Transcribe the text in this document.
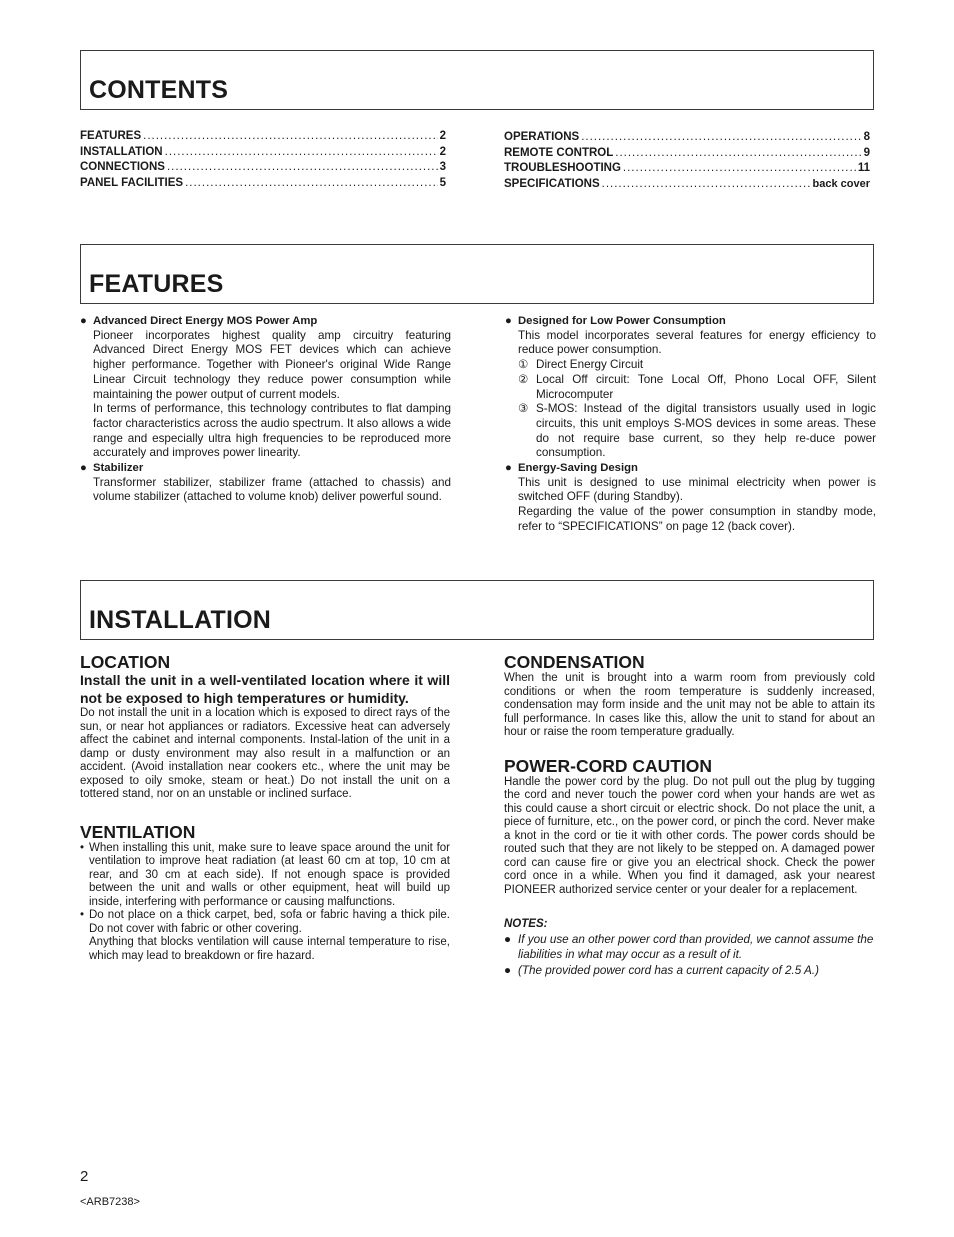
CONTENTS
FEATURES .....	2
INSTALLATION .....	2
CONNECTIONS .....	3
PANEL FACILITIES .....	5
OPERATIONS .....	8
REMOTE CONTROL .....	9
TROUBLESHOOTING .....	11
SPECIFICATIONS .....	back cover
FEATURES
● Advanced Direct Energy MOS Power Amp
Pioneer incorporates highest quality amp circuitry featuring Advanced Direct Energy MOS FET devices which can achieve higher performance. Together with Pioneer's original Wide Range Linear Circuit technology they reduce power consumption while maintaining the power output of current models.
In terms of performance, this technology contributes to flat damping factor characteristics across the audio spectrum. It also allows a wide range and especially ultra high frequencies to be reproduced more accurately and improves power linearity.
● Stabilizer
Transformer stabilizer, stabilizer frame (attached to chassis) and volume stabilizer (attached to volume knob) deliver powerful sound.
● Designed for Low Power Consumption
This model incorporates several features for energy efficiency to reduce power consumption.
① Direct Energy Circuit
② Local Off circuit: Tone Local Off, Phono Local OFF, Silent Microcomputer
③ S-MOS: Instead of the digital transistors usually used in logic circuits, this unit employs S-MOS devices in some areas. These do not require base current, so they help re-duce power consumption.
● Energy-Saving Design
This unit is designed to use minimal electricity when power is switched OFF (during Standby).
Regarding the value of the power consumption in standby mode, refer to “SPECIFICATIONS” on page 12 (back cover).
INSTALLATION
LOCATION
Install the unit in a well-ventilated location where it will not be exposed to high temperatures or humidity.
Do not install the unit in a location which is exposed to direct rays of the sun, or near hot appliances or radiators. Excessive heat can adversely affect the cabinet and internal components. Instal-lation of the unit in a damp or dusty environment may also result in a malfunction or an accident. (Avoid installation near cookers etc., where the unit may be exposed to oily smoke, steam or heat.) Do not install the unit on a tottered stand, nor on an unstable or inclined surface.
VENTILATION
• When installing this unit, make sure to leave space around the unit for ventilation to improve heat radiation (at least 60 cm at top, 10 cm at rear, and 30 cm at each side). If not enough space is provided between the unit and walls or other equipment, heat will build up inside, interfering with performance or causing malfunctions.
• Do not place on a thick carpet, bed, sofa or fabric having a thick pile. Do not cover with fabric or other covering.
Anything that blocks ventilation will cause internal temperature to rise, which may lead to breakdown or fire hazard.
CONDENSATION
When the unit is brought into a warm room from previously cold conditions or when the room temperature is suddenly increased, condensation may form inside and the unit may not be able to attain its full performance. In cases like this, allow the unit to stand for about an hour or raise the room temperature gradually.
POWER-CORD CAUTION
Handle the power cord by the plug. Do not pull out the plug by tugging the cord and never touch the power cord when your hands are wet as this could cause a short circuit or electric shock. Do not place the unit, a piece of furniture, etc., on the power cord, or pinch the cord. Never make a knot in the cord or tie it with other cords. The power cords should be routed such that they are not likely to be stepped on. A damaged power cord can cause fire or give you an electrical shock. Check the power cord once in a while. When you find it damaged, ask your nearest PIONEER authorized service center or your dealer for a replacement.
NOTES:
● If you use an other power cord than provided, we cannot assume the liabilities in what may occur as a result of it.
● (The provided power cord has a current capacity of 2.5 A.)
2
<ARB7238>
